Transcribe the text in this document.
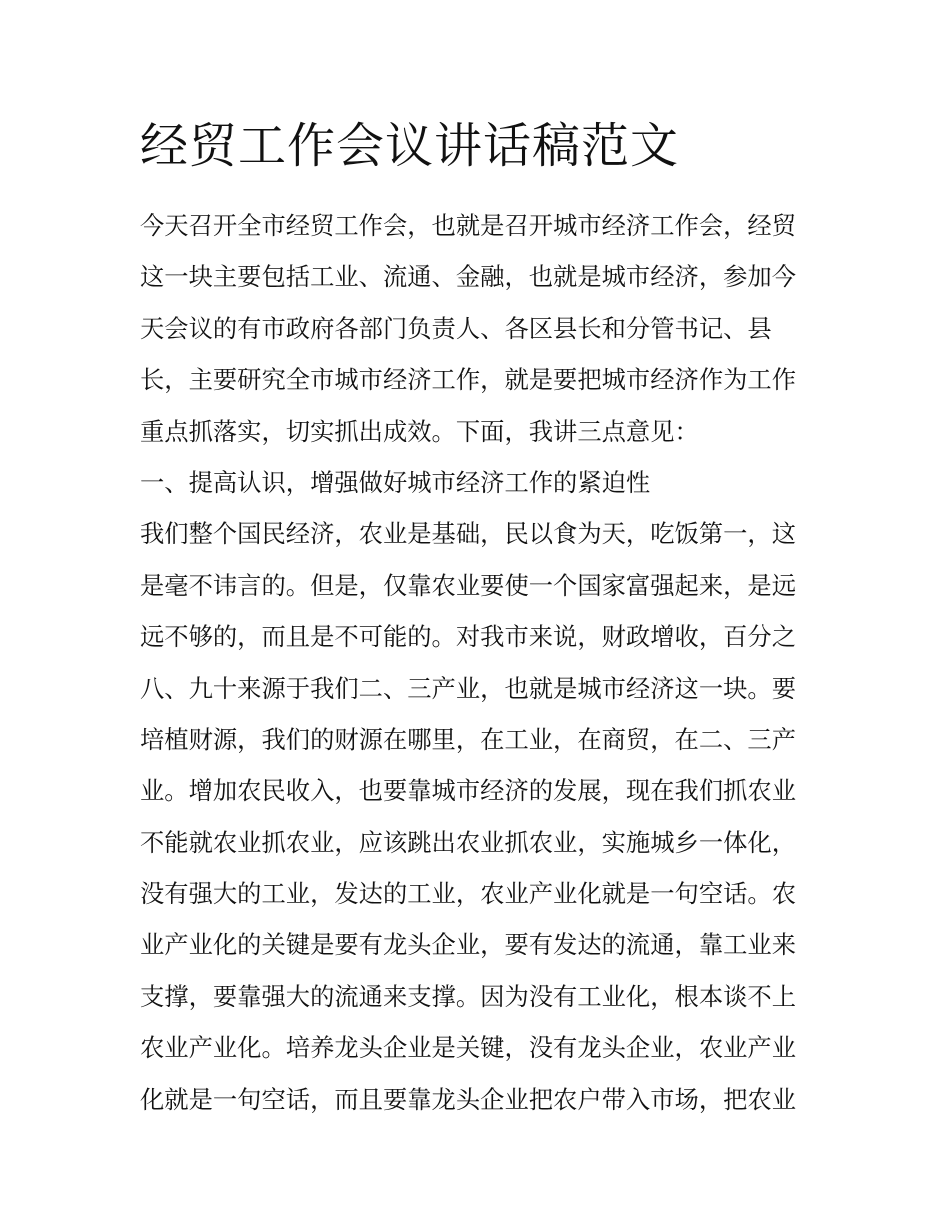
经贸工作会议讲话稿范文
今天召开全市经贸工作会，也就是召开城市经济工作会，经贸
这一块主要包括工业、流通、金融，也就是城市经济，参加今
天会议的有市政府各部门负责人、各区县长和分管书记、县
长，主要研究全市城市经济工作，就是要把城市经济作为工作
重点抓落实，切实抓出成效。下面，我讲三点意见：
一、提高认识，增强做好城市经济工作的紧迫性
我们整个国民经济，农业是基础，民以食为天，吃饭第一，这
是毫不讳言的。但是，仅靠农业要使一个国家富强起来，是远
远不够的，而且是不可能的。对我市来说，财政增收，百分之
八、九十来源于我们二、三产业，也就是城市经济这一块。要
培植财源，我们的财源在哪里，在工业，在商贸，在二、三产
业。增加农民收入，也要靠城市经济的发展，现在我们抓农业
不能就农业抓农业，应该跳出农业抓农业，实施城乡一体化，
没有强大的工业，发达的工业，农业产业化就是一句空话。农
业产业化的关键是要有龙头企业，要有发达的流通，靠工业来
支撑，要靠强大的流通来支撑。因为没有工业化，根本谈不上
农业产业化。培养龙头企业是关键，没有龙头企业，农业产业
化就是一句空话，而且要靠龙头企业把农户带入市场，把农业
